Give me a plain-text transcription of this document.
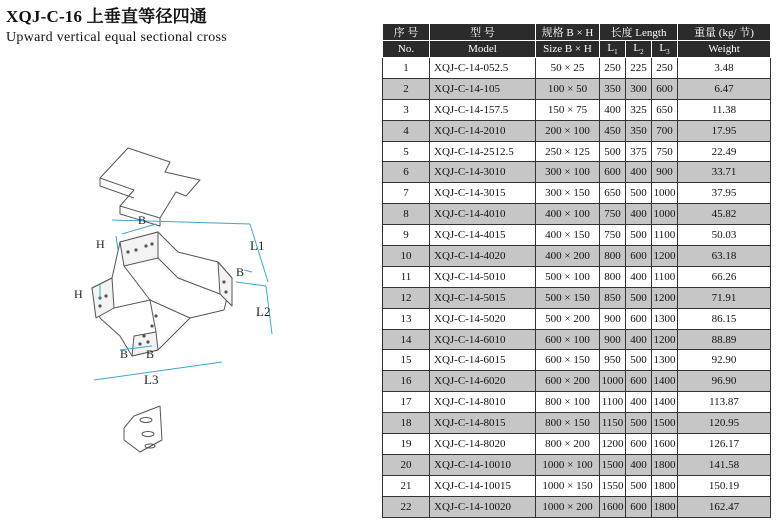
XQJ-C-16 上垂直等径四通
Upward vertical equal sectional cross
B
H
H
B
B B
L1
L2
L3
序 号	型 号	规格 B × H	长度 Length			重量 (kg/ 节)
No.	Model	Size B × H	$L_1$	$L_2$	$L_3$	Weight
1	XQJ-C-14-052.5	50 × 25	250	225	250	3.48
2	XQJ-C-14-105	100 × 50	350	300	600	6.47
3	XQJ-C-14-157.5	150 × 75	400	325	650	11.38
4	XQJ-C-14-2010	200 × 100	450	350	700	17.95
5	XQJ-C-14-2512.5	250 × 125	500	375	750	22.49
6	XQJ-C-14-3010	300 × 100	600	400	900	33.71
7	XQJ-C-14-3015	300 × 150	650	500	1000	37.95
8	XQJ-C-14-4010	400 × 100	750	400	1000	45.82
9	XQJ-C-14-4015	400 × 150	750	500	1100	50.03
10	XQJ-C-14-4020	400 × 200	800	600	1200	63.18
11	XQJ-C-14-5010	500 × 100	800	400	1100	66.26
12	XQJ-C-14-5015	500 × 150	850	500	1200	71.91
13	XQJ-C-14-5020	500 × 200	900	600	1300	86.15
14	XQJ-C-14-6010	600 × 100	900	400	1200	88.89
15	XQJ-C-14-6015	600 × 150	950	500	1300	92.90
16	XQJ-C-14-6020	600 × 200	1000	600	1400	96.90
17	XQJ-C-14-8010	800 × 100	1100	400	1400	113.87
18	XQJ-C-14-8015	800 × 150	1150	500	1500	120.95
19	XQJ-C-14-8020	800 × 200	1200	600	1600	126.17
20	XQJ-C-14-10010	1000 × 100	1500	400	1800	141.58
21	XQJ-C-14-10015	1000 × 150	1550	500	1800	150.19
22	XQJ-C-14-10020	1000 × 200	1600	600	1800	162.47
